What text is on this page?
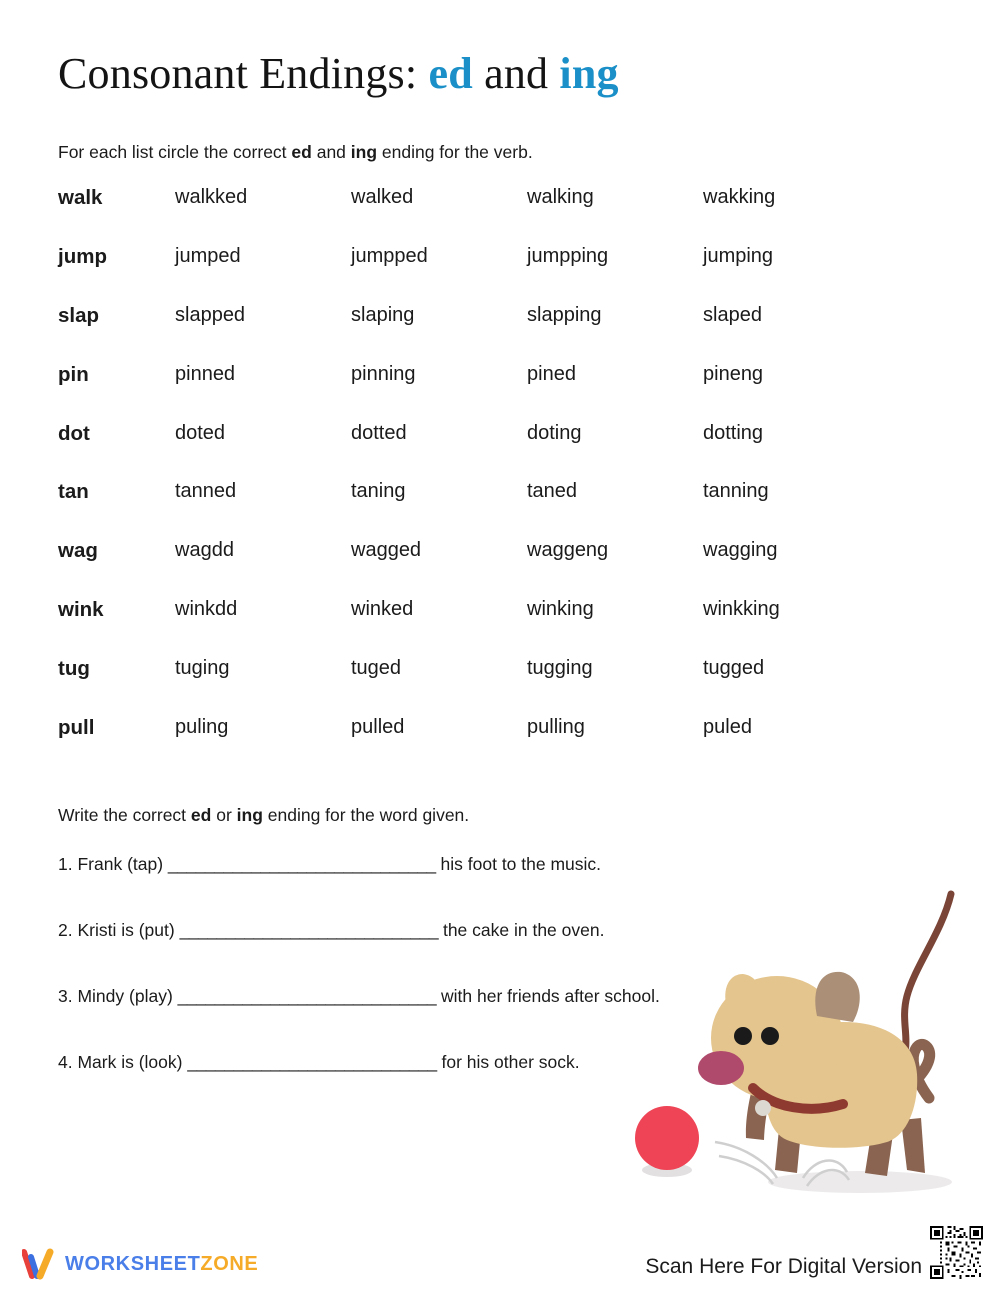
Consonant Endings: ed and ing
For each list circle the correct ed and ing ending for the verb.
walk	walkked	walked	walking	wakking
jump	jumped	jumpped	jumpping	jumping
slap	slapped	slaping	slapping	slaped
pin	pinned	pinning	pined	pineng
dot	doted	dotted	doting	dotting
tan	tanned	taning	taned	tanning
wag	wagdd	wagged	waggeng	wagging
wink	winkdd	winked	winking	winkking
tug	tuging	tuged	tugging	tugged
pull	puling	pulled	pulling	puled
Write the correct ed or ing ending for the word given.
1. Frank (tap) _____________________________ his foot to the music.
2. Kristi is (put) ____________________________ the cake in the oven.
3. Mindy (play) ____________________________ with her friends after school.
4. Mark is (look) ___________________________ for his other sock.
WORKSHEETZONE	Scan Here For Digital Version
